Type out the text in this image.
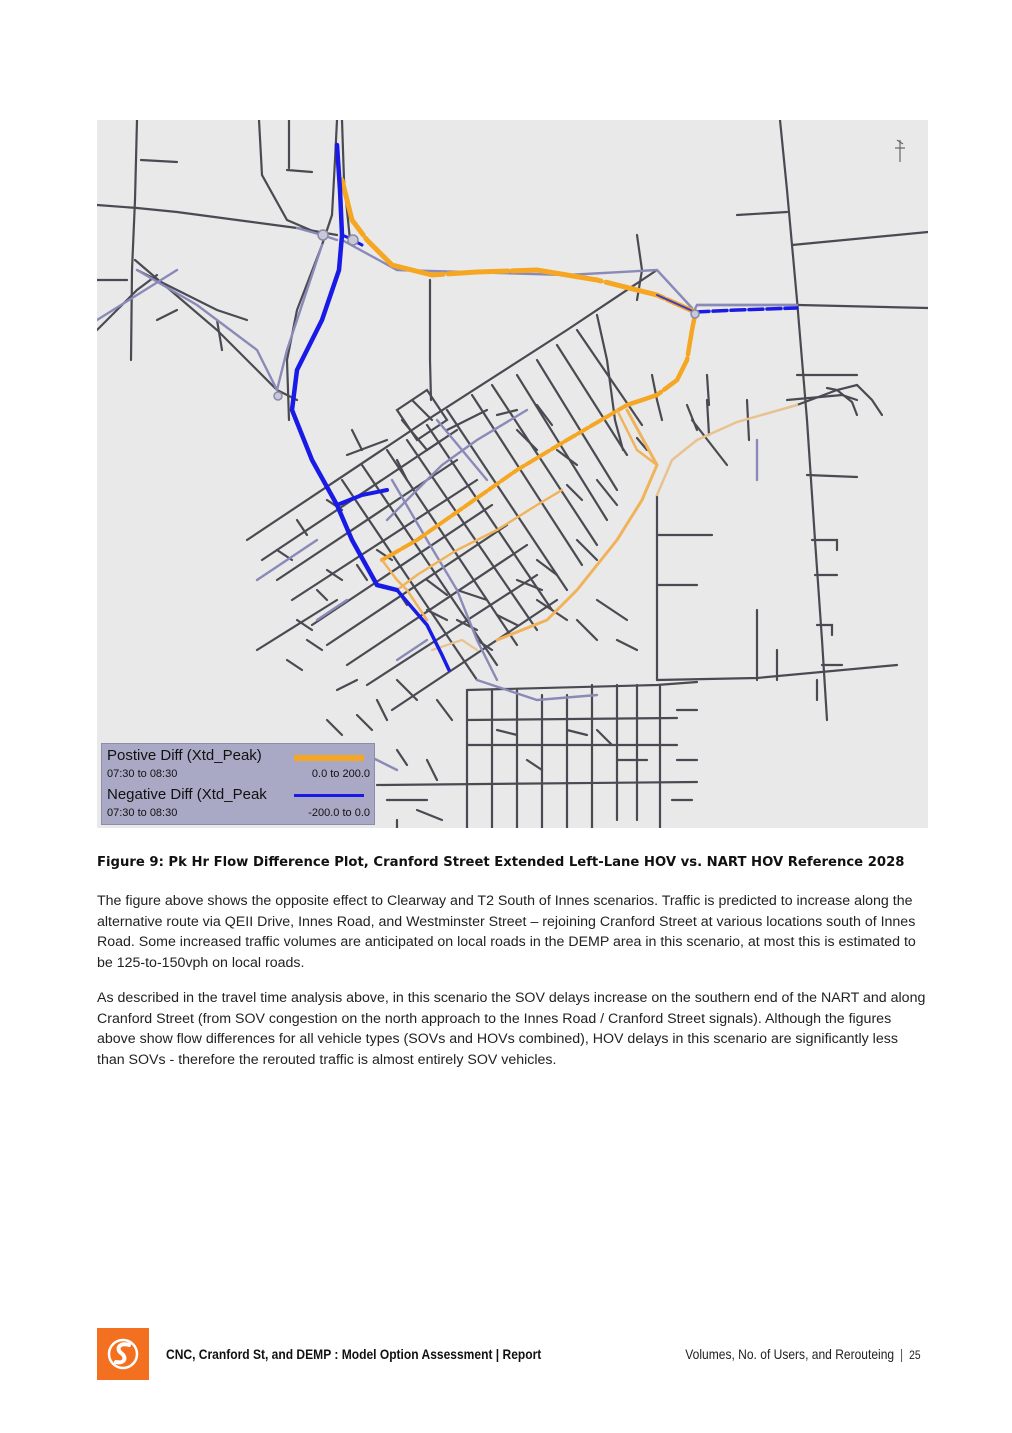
Postive Diff (Xtd_Peak)
07:30 to 08:30	0.0 to 200.0
Negative Diff (Xtd_Peak
07:30 to 08:30	-200.0 to 0.0
Figure 9: Pk Hr Flow Difference Plot, Cranford Street Extended Left-Lane HOV vs. NART HOV Reference 2028

The figure above shows the opposite effect to Clearway and T2 South of Innes scenarios. Traffic is predicted to increase along the alternative route via QEII Drive, Innes Road, and Westminster Street – rejoining Cranford Street at various locations south of Innes Road. Some increased traffic volumes are anticipated on local roads in the DEMP area in this scenario, at most this is estimated to be 125-to-150vph on local roads.

As described in the travel time analysis above, in this scenario the SOV delays increase on the southern end of the NART and along Cranford Street (from SOV congestion on the north approach to the Innes Road / Cranford Street signals). Although the figures above show flow differences for all vehicle types (SOVs and HOVs combined), HOV delays in this scenario are significantly less than SOVs - therefore the rerouted traffic is almost entirely SOV vehicles.

CNC, Cranford St, and DEMP : Model Option Assessment | Report	Volumes, No. of Users, and Rerouteing | 25
